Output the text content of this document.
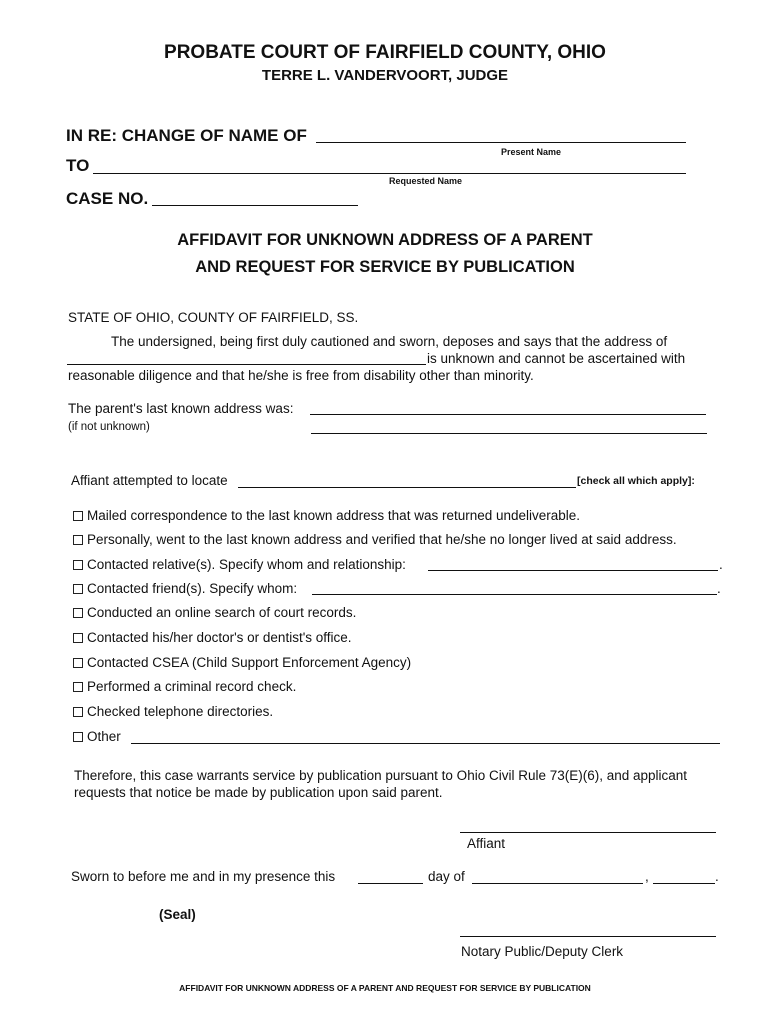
PROBATE COURT OF FAIRFIELD COUNTY, OHIO
TERRE L. VANDERVOORT, JUDGE
IN RE: CHANGE OF NAME OF
Present Name
TO
Requested Name
CASE NO.
AFFIDAVIT FOR UNKNOWN ADDRESS OF A PARENT
AND REQUEST FOR SERVICE BY PUBLICATION
STATE OF OHIO, COUNTY OF FAIRFIELD, SS.
The undersigned, being first duly cautioned and sworn, deposes and says that the address of
is unknown and cannot be ascertained with
reasonable diligence and that he/she is free from disability other than minority.
The parent's last known address was:
(if not unknown)
Affiant attempted to locate	[check all which apply]:
Mailed correspondence to the last known address that was returned undeliverable.
Personally, went to the last known address and verified that he/she no longer lived at said address.
Contacted relative(s). Specify whom and relationship:	.
Contacted friend(s). Specify whom:	.
Conducted an online search of court records.
Contacted his/her doctor's or dentist's office.
Contacted CSEA (Child Support Enforcement Agency)
Performed a criminal record check.
Checked telephone directories.
Other
Therefore, this case warrants service by publication pursuant to Ohio Civil Rule 73(E)(6), and applicant
requests that notice be made by publication upon said parent.
Affiant
Sworn to before me and in my presence this	day of	,	.
(Seal)
Notary Public/Deputy Clerk
AFFIDAVIT FOR UNKNOWN ADDRESS OF A PARENT AND REQUEST FOR SERVICE BY PUBLICATION
